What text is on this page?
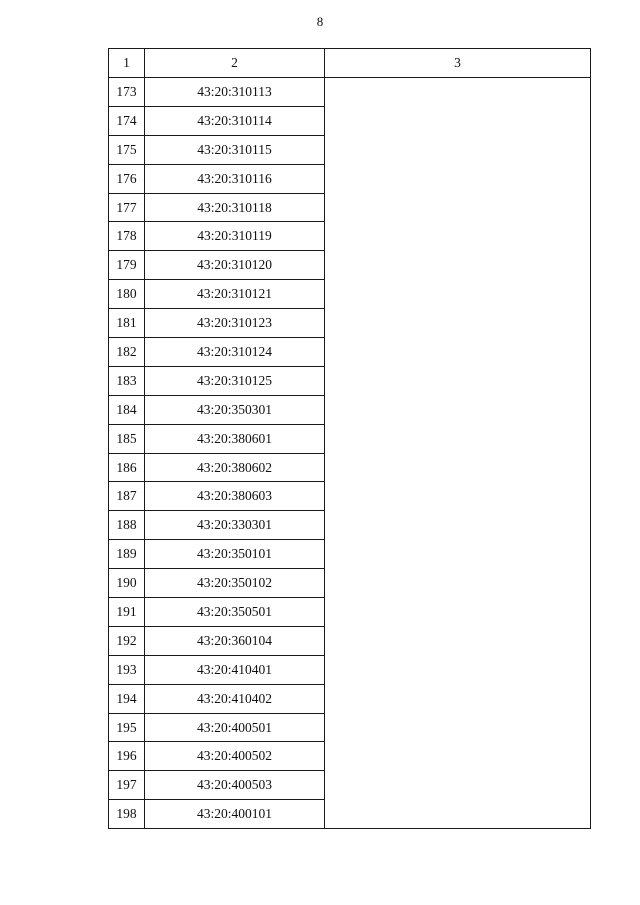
8
1	2	3
173	43:20:310113	
174	43:20:310114	
175	43:20:310115	
176	43:20:310116	
177	43:20:310118	
178	43:20:310119	
179	43:20:310120	
180	43:20:310121	
181	43:20:310123	
182	43:20:310124	
183	43:20:310125	
184	43:20:350301	
185	43:20:380601	
186	43:20:380602	
187	43:20:380603	
188	43:20:330301	
189	43:20:350101	
190	43:20:350102	
191	43:20:350501	
192	43:20:360104	
193	43:20:410401	
194	43:20:410402	
195	43:20:400501	
196	43:20:400502	
197	43:20:400503	
198	43:20:400101	
